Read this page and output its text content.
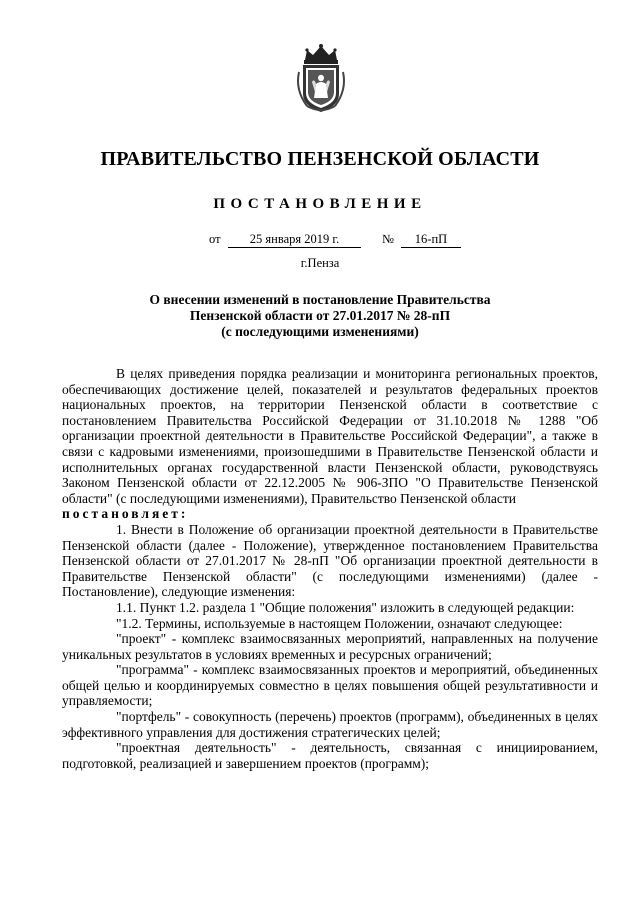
ПРАВИТЕЛЬСТВО ПЕНЗЕНСКОЙ ОБЛАСТИ
ПОСТАНОВЛЕНИЕ
от	25 января 2019 г.	№	16-пП
г.Пенза
О внесении изменений в постановление Правительства
Пензенской области от 27.01.2017 № 28-пП
(с последующими изменениями)

В целях приведения порядка реализации и мониторинга региональных проектов, обеспечивающих достижение целей, показателей и результатов федеральных проектов национальных проектов, на территории Пензенской области в соответствие с постановлением Правительства Российской Федерации от 31.10.2018 № 1288 "Об организации проектной деятельности в Правительстве Российской Федерации", а также в связи с кадровыми изменениями, произошедшими в Правительстве Пензенской области и исполнительных органах государственной власти Пензенской области, руководствуясь Законом Пензенской области от 22.12.2005 № 906-ЗПО "О Правительстве Пензенской области" (с последующими изменениями), Правительство Пензенской области

постановляет:

1. Внести в Положение об организации проектной деятельности в Правительстве Пензенской области (далее - Положение), утвержденное постановлением Правительства Пензенской области от 27.01.2017 № 28-пП "Об организации проектной деятельности в Правительстве Пензенской области" (с последующими изменениями) (далее - Постановление), следующие изменения:

1.1. Пункт 1.2. раздела 1 "Общие положения" изложить в следующей редакции:

"1.2. Термины, используемые в настоящем Положении, означают следующее:

"проект" - комплекс взаимосвязанных мероприятий, направленных на получение уникальных результатов в условиях временных и ресурсных ограничений;

"программа" - комплекс взаимосвязанных проектов и мероприятий, объединенных общей целью и координируемых совместно в целях повышения общей результативности и управляемости;

"портфель" - совокупность (перечень) проектов (программ), объединенных в целях эффективного управления для достижения стратегических целей;

"проектная деятельность" - деятельность, связанная с инициированием, подготовкой, реализацией и завершением проектов (программ);
